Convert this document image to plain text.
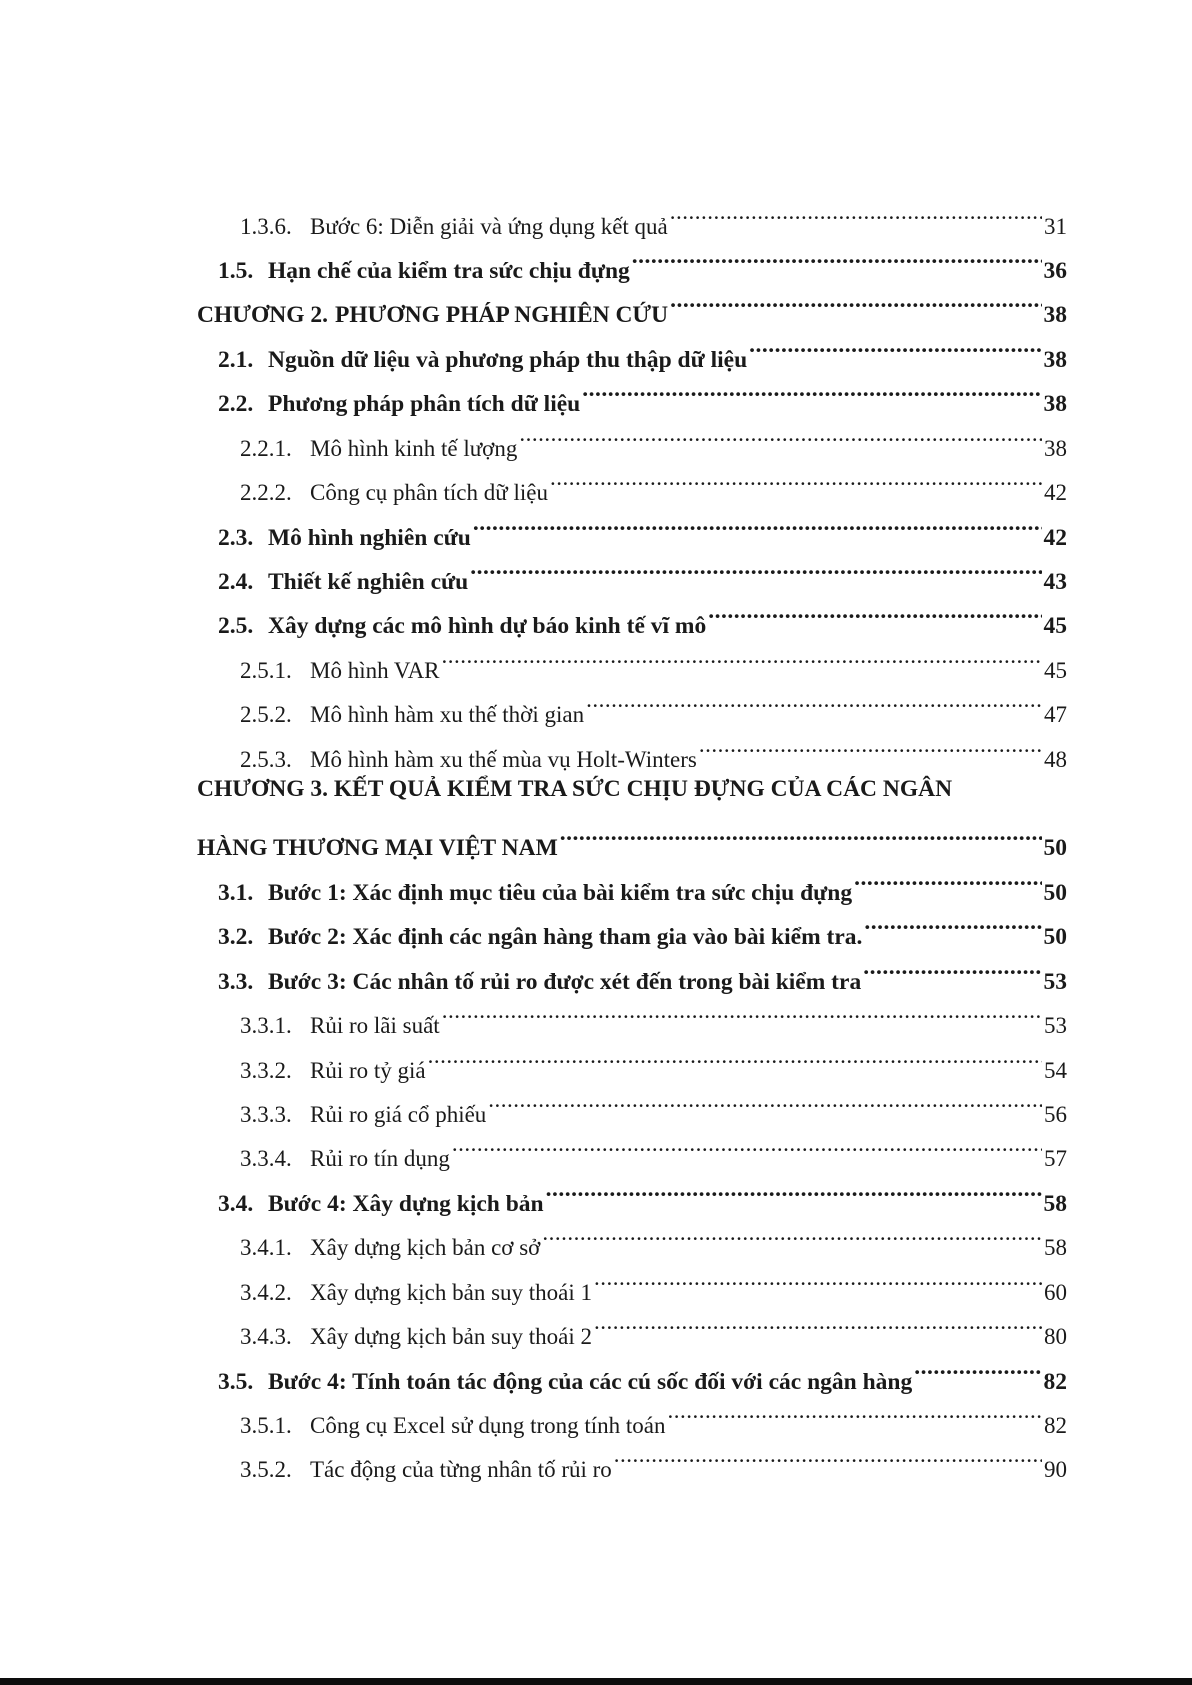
1.3.6. Bước 6: Diễn giải và ứng dụng kết quả .....	31
1.5. Hạn chế của kiểm tra sức chịu đựng .....	36
CHƯƠNG 2. PHƯƠNG PHÁP NGHIÊN CỨU .....	38
2.1. Nguồn dữ liệu và phương pháp thu thập dữ liệu .....	38
2.2. Phương pháp phân tích dữ liệu .....	38
2.2.1. Mô hình kinh tế lượng .....	38
2.2.2. Công cụ phân tích dữ liệu .....	42
2.3. Mô hình nghiên cứu .....	42
2.4. Thiết kế nghiên cứu .....	43
2.5. Xây dựng các mô hình dự báo kinh tế vĩ mô .....	45
2.5.1. Mô hình VAR .....	45
2.5.2. Mô hình hàm xu thế thời gian .....	47
2.5.3. Mô hình hàm xu thế mùa vụ Holt-Winters .....	48
CHƯƠNG 3. KẾT QUẢ KIỂM TRA SỨC CHỊU ĐỰNG CỦA CÁC NGÂN
HÀNG THƯƠNG MẠI VIỆT NAM .....	50
3.1. Bước 1: Xác định mục tiêu của bài kiểm tra sức chịu đựng .....	50
3.2. Bước 2: Xác định các ngân hàng tham gia vào bài kiểm tra. .....	50
3.3. Bước 3: Các nhân tố rủi ro được xét đến trong bài kiểm tra .....	53
3.3.1. Rủi ro lãi suất .....	53
3.3.2. Rủi ro tỷ giá .....	54
3.3.3. Rủi ro giá cổ phiếu .....	56
3.3.4. Rủi ro tín dụng .....	57
3.4. Bước 4: Xây dựng kịch bản .....	58
3.4.1. Xây dựng kịch bản cơ sở .....	58
3.4.2. Xây dựng kịch bản suy thoái 1 .....	60
3.4.3. Xây dựng kịch bản suy thoái 2 .....	80
3.5. Bước 4: Tính toán tác động của các cú sốc đối với các ngân hàng .....	82
3.5.1. Công cụ Excel sử dụng trong tính toán .....	82
3.5.2. Tác động của từng nhân tố rủi ro .....	90
